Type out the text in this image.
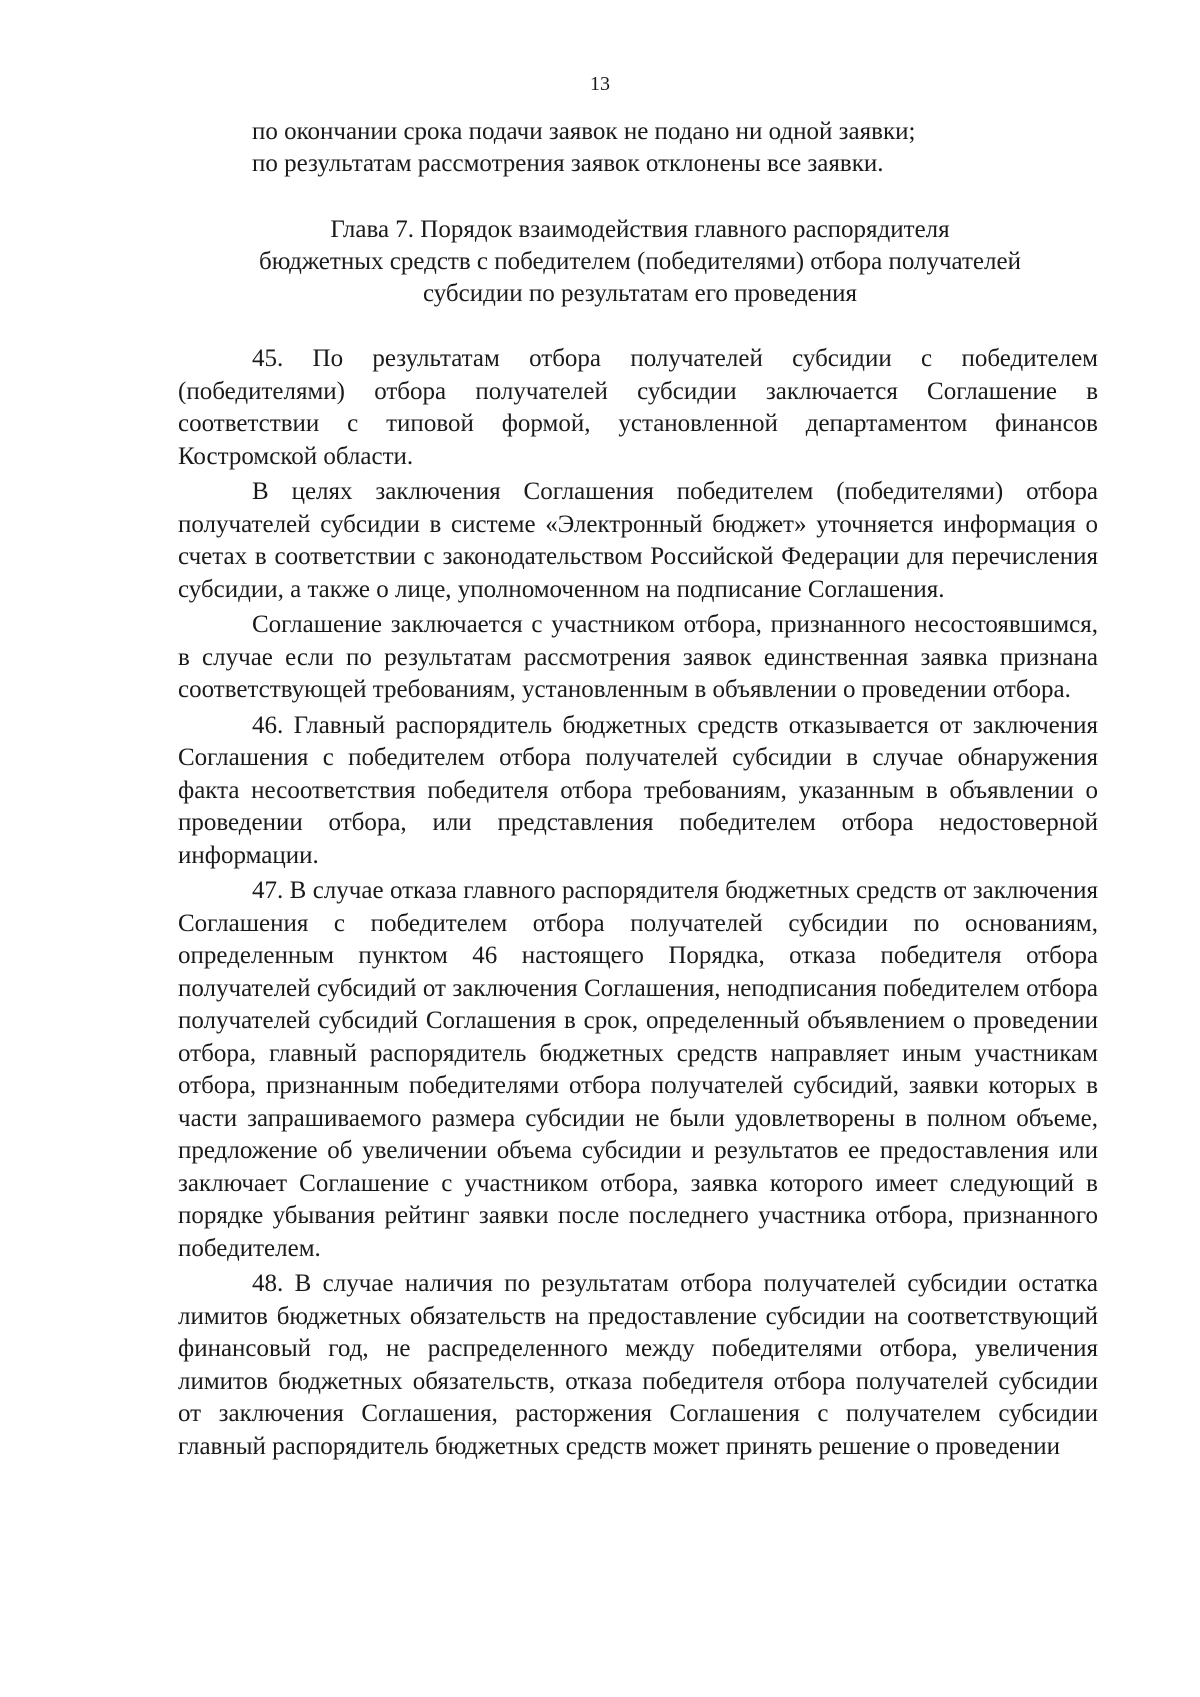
13
по окончании срока подачи заявок не подано ни одной заявки;
по результатам рассмотрения заявок отклонены все заявки.
Глава 7. Порядок взаимодействия главного распорядителя
бюджетных средств с победителем (победителями) отбора получателей
субсидии по результатам его проведения

45. По результатам отбора получателей субсидии с победителем (победителями) отбора получателей субсидии заключается Соглашение в соответствии с типовой формой, установленной департаментом финансов Костромской области.

В целях заключения Соглашения победителем (победителями) отбора получателей субсидии в системе «Электронный бюджет» уточняется информация о счетах в соответствии с законодательством Российской Федерации для перечисления субсидии, а также о лице, уполномоченном на подписание Соглашения.

Соглашение заключается с участником отбора, признанного несостоявшимся, в случае если по результатам рассмотрения заявок единственная заявка признана соответствующей требованиям, установленным в объявлении о проведении отбора.

46. Главный распорядитель бюджетных средств отказывается от заключения Соглашения с победителем отбора получателей субсидии в случае обнаружения факта несоответствия победителя отбора требованиям, указанным в объявлении о проведении отбора, или представления победителем отбора недостоверной информации.

47. В случае отказа главного распорядителя бюджетных средств от заключения Соглашения с победителем отбора получателей субсидии по основаниям, определенным пунктом 46 настоящего Порядка, отказа победителя отбора получателей субсидий от заключения Соглашения, неподписания победителем отбора получателей субсидий Соглашения в срок, определенный объявлением о проведении отбора, главный распорядитель бюджетных средств направляет иным участникам отбора, признанным победителями отбора получателей субсидий, заявки которых в части запрашиваемого размера субсидии не были удовлетворены в полном объеме, предложение об увеличении объема субсидии и результатов ее предоставления или заключает Соглашение с участником отбора, заявка которого имеет следующий в порядке убывания рейтинг заявки после последнего участника отбора, признанного победителем.

48. В случае наличия по результатам отбора получателей субсидии остатка лимитов бюджетных обязательств на предоставление субсидии на соответствующий финансовый год, не распределенного между победителями отбора, увеличения лимитов бюджетных обязательств, отказа победителя отбора получателей субсидии от заключения Соглашения, расторжения Соглашения с получателем субсидии главный распорядитель бюджетных средств может принять решение о проведении
